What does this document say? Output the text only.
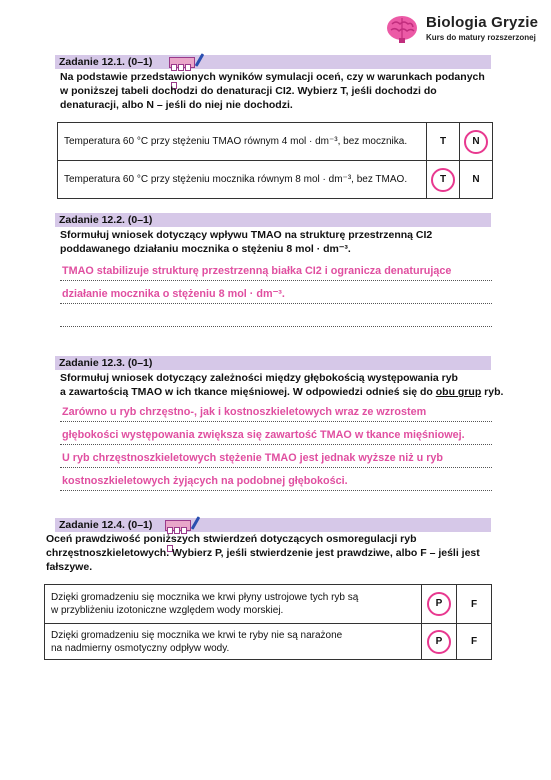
Biologia Gryzie
Kurs do matury rozszerzonej
Zadanie 12.1. (0–1)
Na podstawie przedstawionych wyników symulacji oceń, czy w warunkach podanych
w poniższej tabeli dochodzi do denaturacji CI2. Wybierz T, jeśli dochodzi do
denaturacji, albo N – jeśli do niej nie dochodzi.
Temperatura 60 °C przy stężeniu TMAO równym 4 mol · dm⁻³, bez mocznika.	T	N
Temperatura 60 °C przy stężeniu mocznika równym 8 mol · dm⁻³, bez TMAO.	T	N
Zadanie 12.2. (0–1)
Sformułuj wniosek dotyczący wpływu TMAO na strukturę przestrzenną CI2
poddawanego działaniu mocznika o stężeniu 8 mol · dm⁻³.
TMAO stabilizuje strukturę przestrzenną białka CI2 i ogranicza denaturujące
działanie mocznika o stężeniu 8 mol · dm⁻³.
Zadanie 12.3. (0–1)
Sformułuj wniosek dotyczący zależności między głębokością występowania ryb
a zawartością TMAO w ich tkance mięśniowej. W odpowiedzi odnieś się do obu grup ryb.
Zarówno u ryb chrzęstno-, jak i kostnoszkieletowych wraz ze wzrostem
głębokości występowania zwiększa się zawartość TMAO w tkance mięśniowej.
U ryb chrzęstnoszkieletowych stężenie TMAO jest jednak wyższe niż u ryb
kostnoszkieletowych żyjących na podobnej głębokości.
Zadanie 12.4. (0–1)
Oceń prawdziwość poniższych stwierdzeń dotyczących osmoregulacji ryb
chrzęstnoszkieletowych. Wybierz P, jeśli stwierdzenie jest prawdziwe, albo F – jeśli jest
fałszywe.
Dzięki gromadzeniu się mocznika we krwi płyny ustrojowe tych ryb są
w przybliżeniu izotoniczne względem wody morskiej.	P	F

Dzięki gromadzeniu się mocznika we krwi te ryby nie są narażone
na nadmierny osmotyczny odpływ wody.	P	F
